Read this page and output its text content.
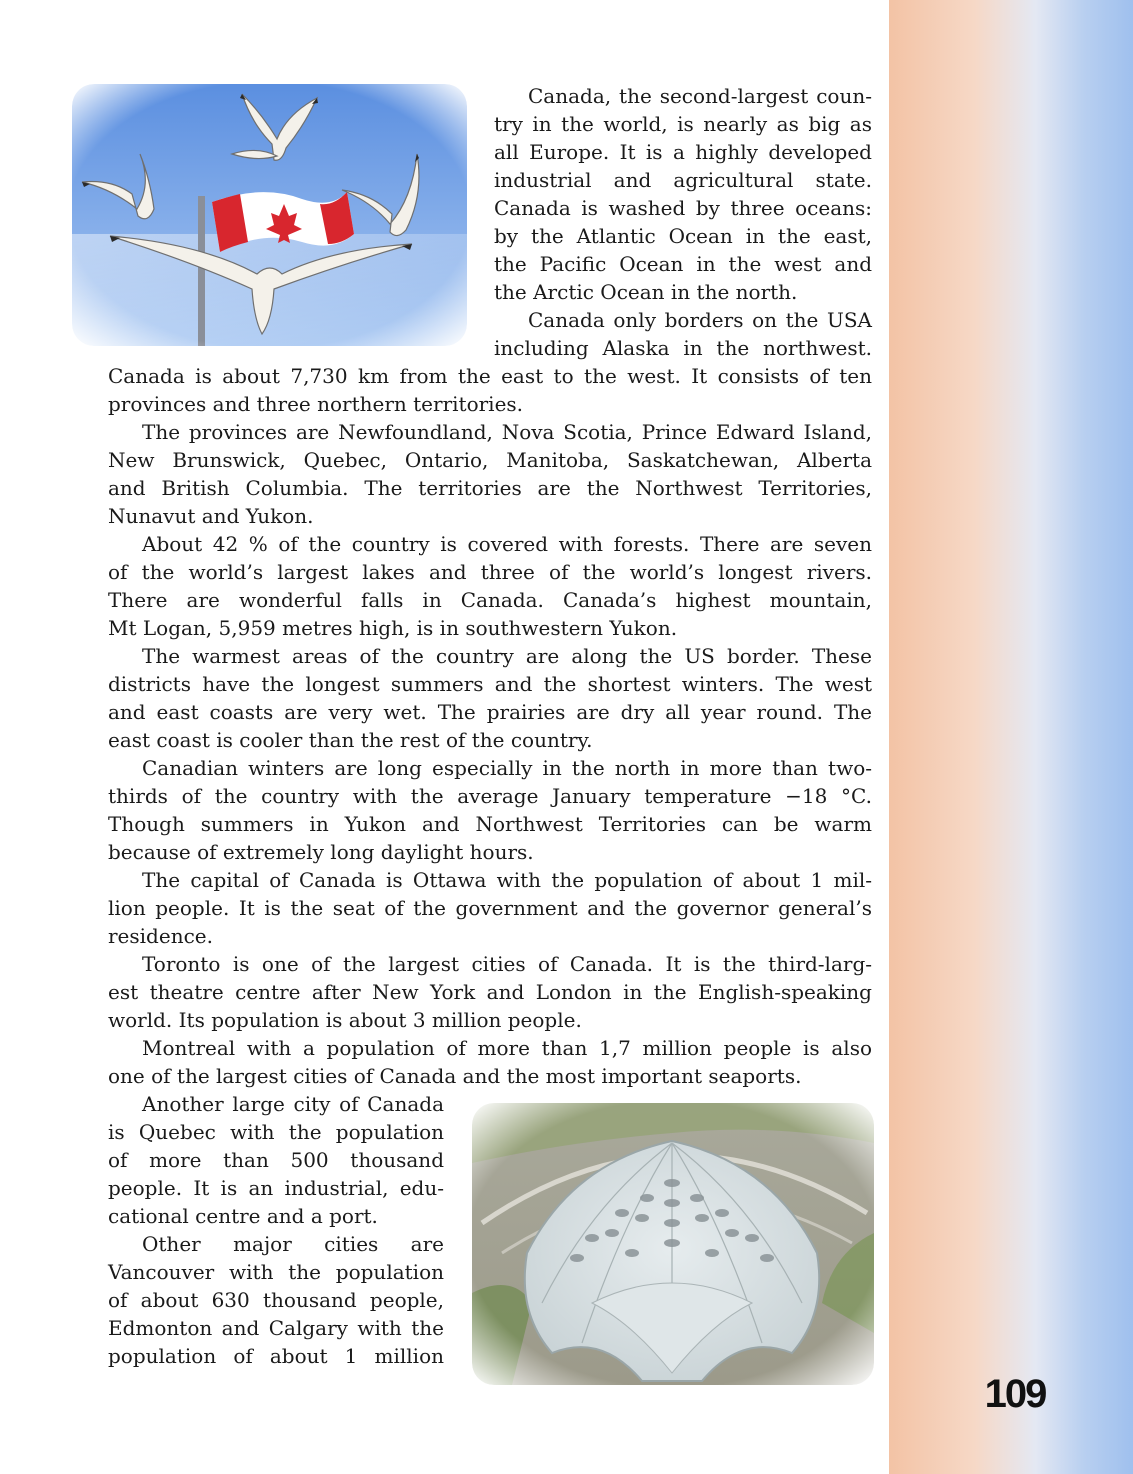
109

Canada, the second-largest coun-

try in the world, is nearly as big as

all Europe. It is a highly developed

industrial and agricultural state.

Canada is washed by three oceans:

by the Atlantic Ocean in the east,

the Pacific Ocean in the west and

the Arctic Ocean in the north.

Canada only borders on the USA

including Alaska in the northwest.

Canada is about 7,730 km from the east to the west. It consists of ten

provinces and three northern territories.

The provinces are Newfoundland, Nova Scotia, Prince Edward Island,

New Brunswick, Quebec, Ontario, Manitoba, Saskatchewan, Alberta

and British Columbia. The territories are the Northwest Territories,

Nunavut and Yukon.

About 42 % of the country is covered with forests. There are seven

of the world’s largest lakes and three of the world’s longest rivers.

There are wonderful falls in Canada. Canada’s highest mountain,

Mt Logan, 5,959 metres high, is in southwestern Yukon.

The warmest areas of the country are along the US border. These

districts have the longest summers and the shortest winters. The west

and east coasts are very wet. The prairies are dry all year round. The

east coast is cooler than the rest of the country.

Canadian winters are long especially in the north in more than two-

thirds of the country with the average January temperature −18 °C.

Though summers in Yukon and Northwest Territories can be warm

because of extremely long daylight hours.

The capital of Canada is Ottawa with the population of about 1 mil-

lion people. It is the seat of the government and the governor general’s

residence.

Toronto is one of the largest cities of Canada. It is the third-larg-

est theatre centre after New York and London in the English-speaking

world. Its population is about 3 million people.

Montreal with a population of more than 1,7 million people is also

one of the largest cities of Canada and the most important seaports.

Another large city of Canada

is Quebec with the population

of more than 500 thousand

people. It is an industrial, edu-

cational centre and a port.

Other major cities are

Vancouver with the population

of about 630 thousand people,

Edmonton and Calgary with the

population of about 1 million
